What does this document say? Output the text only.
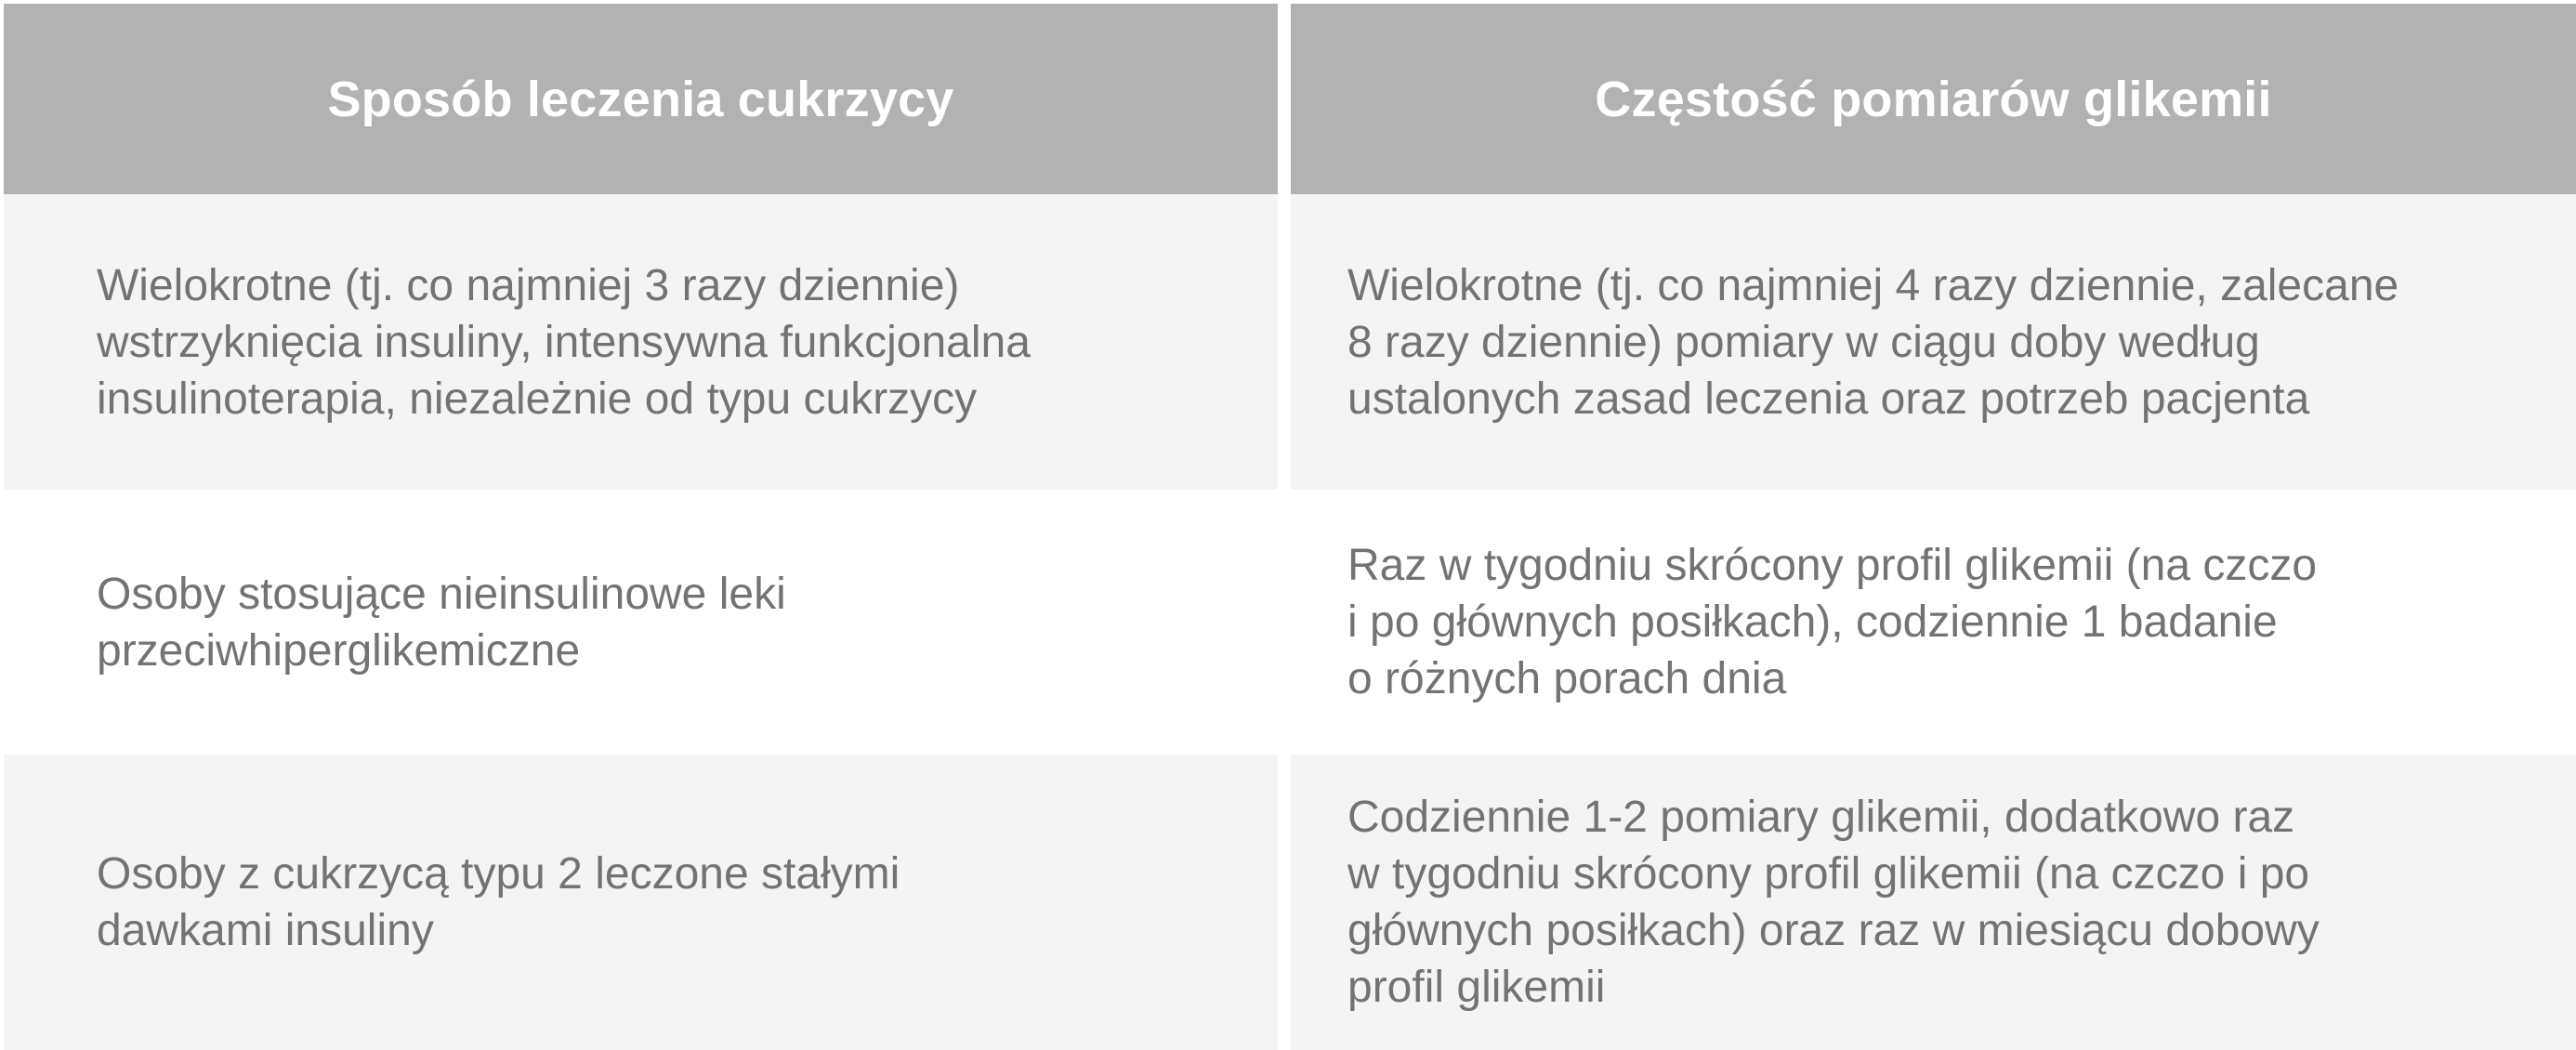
Sposób leczenia cukrzycy	Częstość pomiarów glikemii
Wielokrotne (tj. co najmniej 3 razy dziennie)
wstrzyknięcia insuliny, intensywna funkcjonalna
insulinoterapia, niezależnie od typu cukrzycy
Wielokrotne (tj. co najmniej 4 razy dziennie, zalecane
8 razy dziennie) pomiary w ciągu doby według
ustalonych zasad leczenia oraz potrzeb pacjenta
Osoby stosujące nieinsulinowe leki
przeciwhiperglikemiczne
Raz w tygodniu skrócony profil glikemii (na czczo
i po głównych posiłkach), codziennie 1 badanie
o różnych porach dnia
Osoby z cukrzycą typu 2 leczone stałymi
dawkami insuliny
Codziennie 1-2 pomiary glikemii, dodatkowo raz
w tygodniu skrócony profil glikemii (na czczo i po
głównych posiłkach) oraz raz w miesiącu dobowy
profil glikemii
